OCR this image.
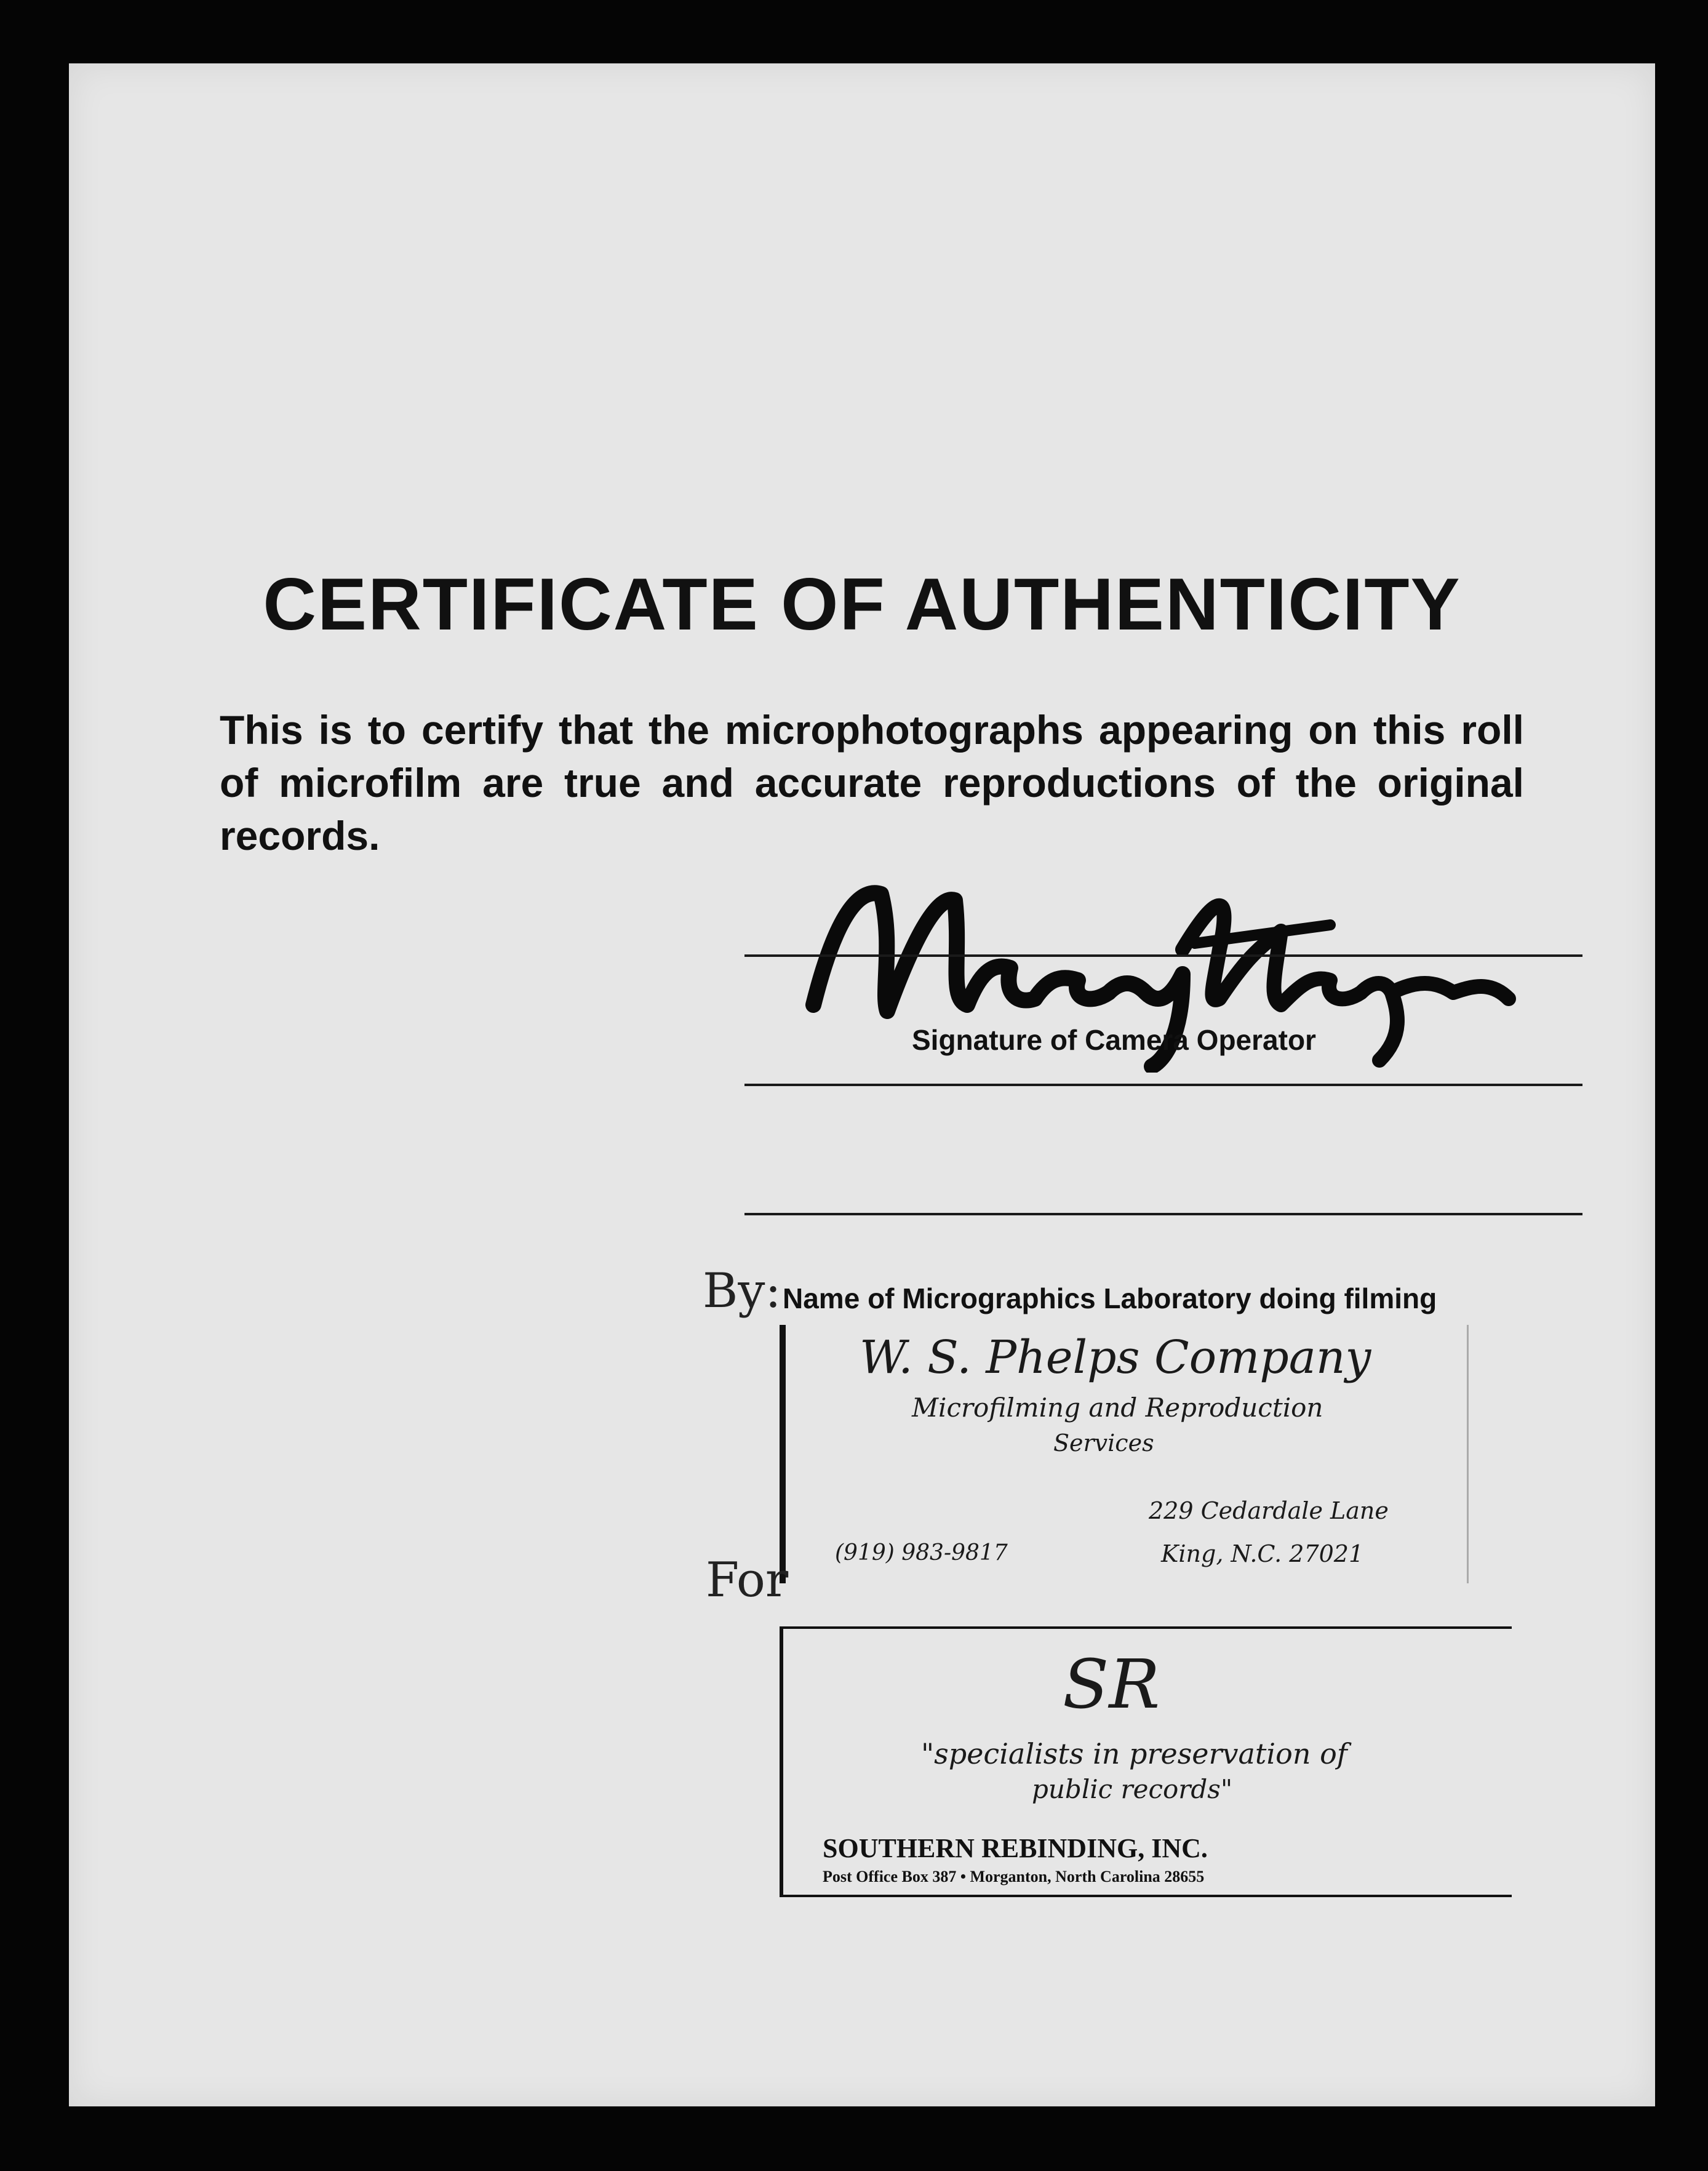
CERTIFICATE OF AUTHENTICITY
This is to certify that the microphotographs appearing on this roll of microfilm are true and accurate reproductions of the original records.
Signature of Camera Operator
Name of Micrographics Laboratory doing filming
By:
W. S. Phelps Company
Microfilming and Reproduction
Services
229 Cedardale Lane
(919) 983-9817	King, N.C. 27021
For
SR
"specialists in preservation of
public records"
SOUTHERN REBINDING, INC.
Post Office Box 387 • Morganton, North Carolina 28655
